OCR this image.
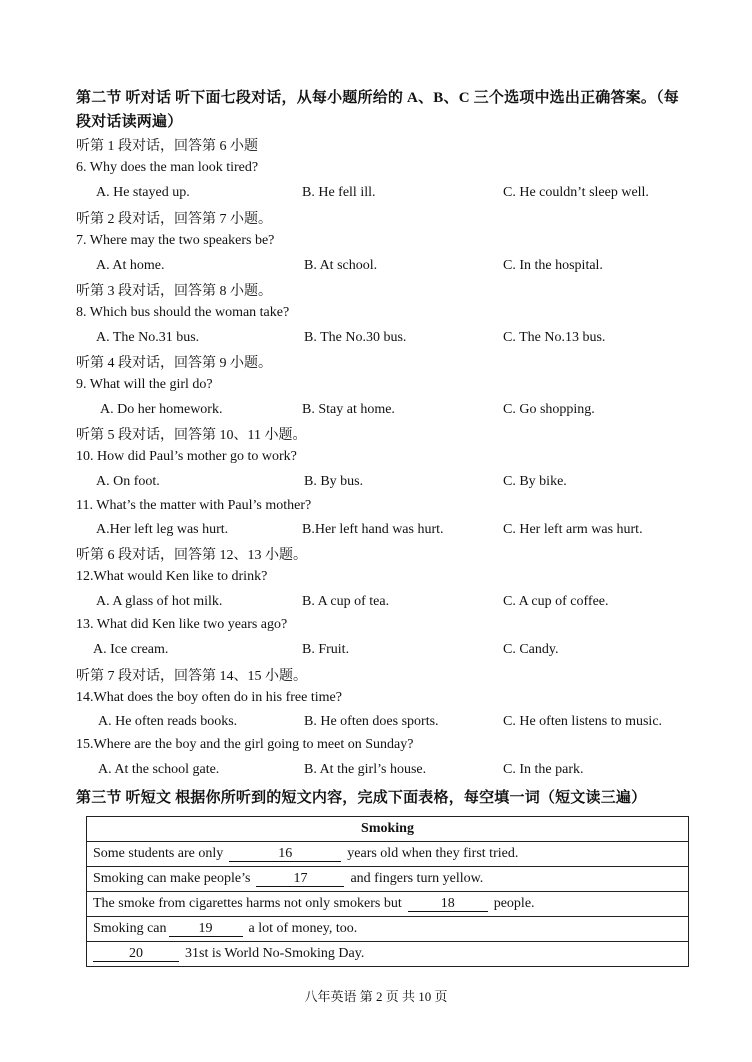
第二节 听对话 听下面七段对话，从每小题所给的 A、B、C 三个选项中选出正确答案。（每
段对话读两遍）
听第 1 段对话，回答第 6 小题
6. Why does the man look tired?
A. He stayed up.	B. He fell ill.	C. He couldn’t sleep well.
听第 2 段对话，回答第 7 小题。
7. Where may the two speakers be?
A. At home.	B. At school.	C. In the hospital.
听第 3 段对话，回答第 8 小题。
8. Which bus should the woman take?
A. The No.31 bus.	B. The No.30 bus.	C. The No.13 bus.
听第 4 段对话，回答第 9 小题。
9. What will the girl do?
A. Do her homework.	B. Stay at home.	C. Go shopping.
听第 5 段对话，回答第 10、11 小题。
10. How did Paul’s mother go to work?
A. On foot.	B. By bus.	C. By bike.
11. What’s the matter with Paul’s mother?
A.Her left leg was hurt.	B.Her left hand was hurt.	C. Her left arm was hurt.
听第 6 段对话，回答第 12、13 小题。
12.What would Ken like to drink?
A. A glass of hot milk.	B. A cup of tea.	C. A cup of coffee.
13. What did Ken like two years ago?
A. Ice cream.	B. Fruit.	C. Candy.
听第 7 段对话，回答第 14、15 小题。
14.What does the boy often do in his free time?
A. He often reads books.	B. He often does sports.	C. He often listens to music.
15.Where are the boy and the girl going to meet on Sunday?
A. At the school gate.	B. At the girl’s house.	C. In the park.
第三节 听短文 根据你所听到的短文内容，完成下面表格，每空填一词（短文读三遍）
Smoking
Some students are only	16	years old when they first tried.
Smoking can make people’s	17	and fingers turn yellow.
The smoke from cigarettes harms not only smokers but	18	people.
Smoking can 19	a lot of money, too.
20	31st is World No-Smoking Day.
八年英语 第 2 页 共 10 页
